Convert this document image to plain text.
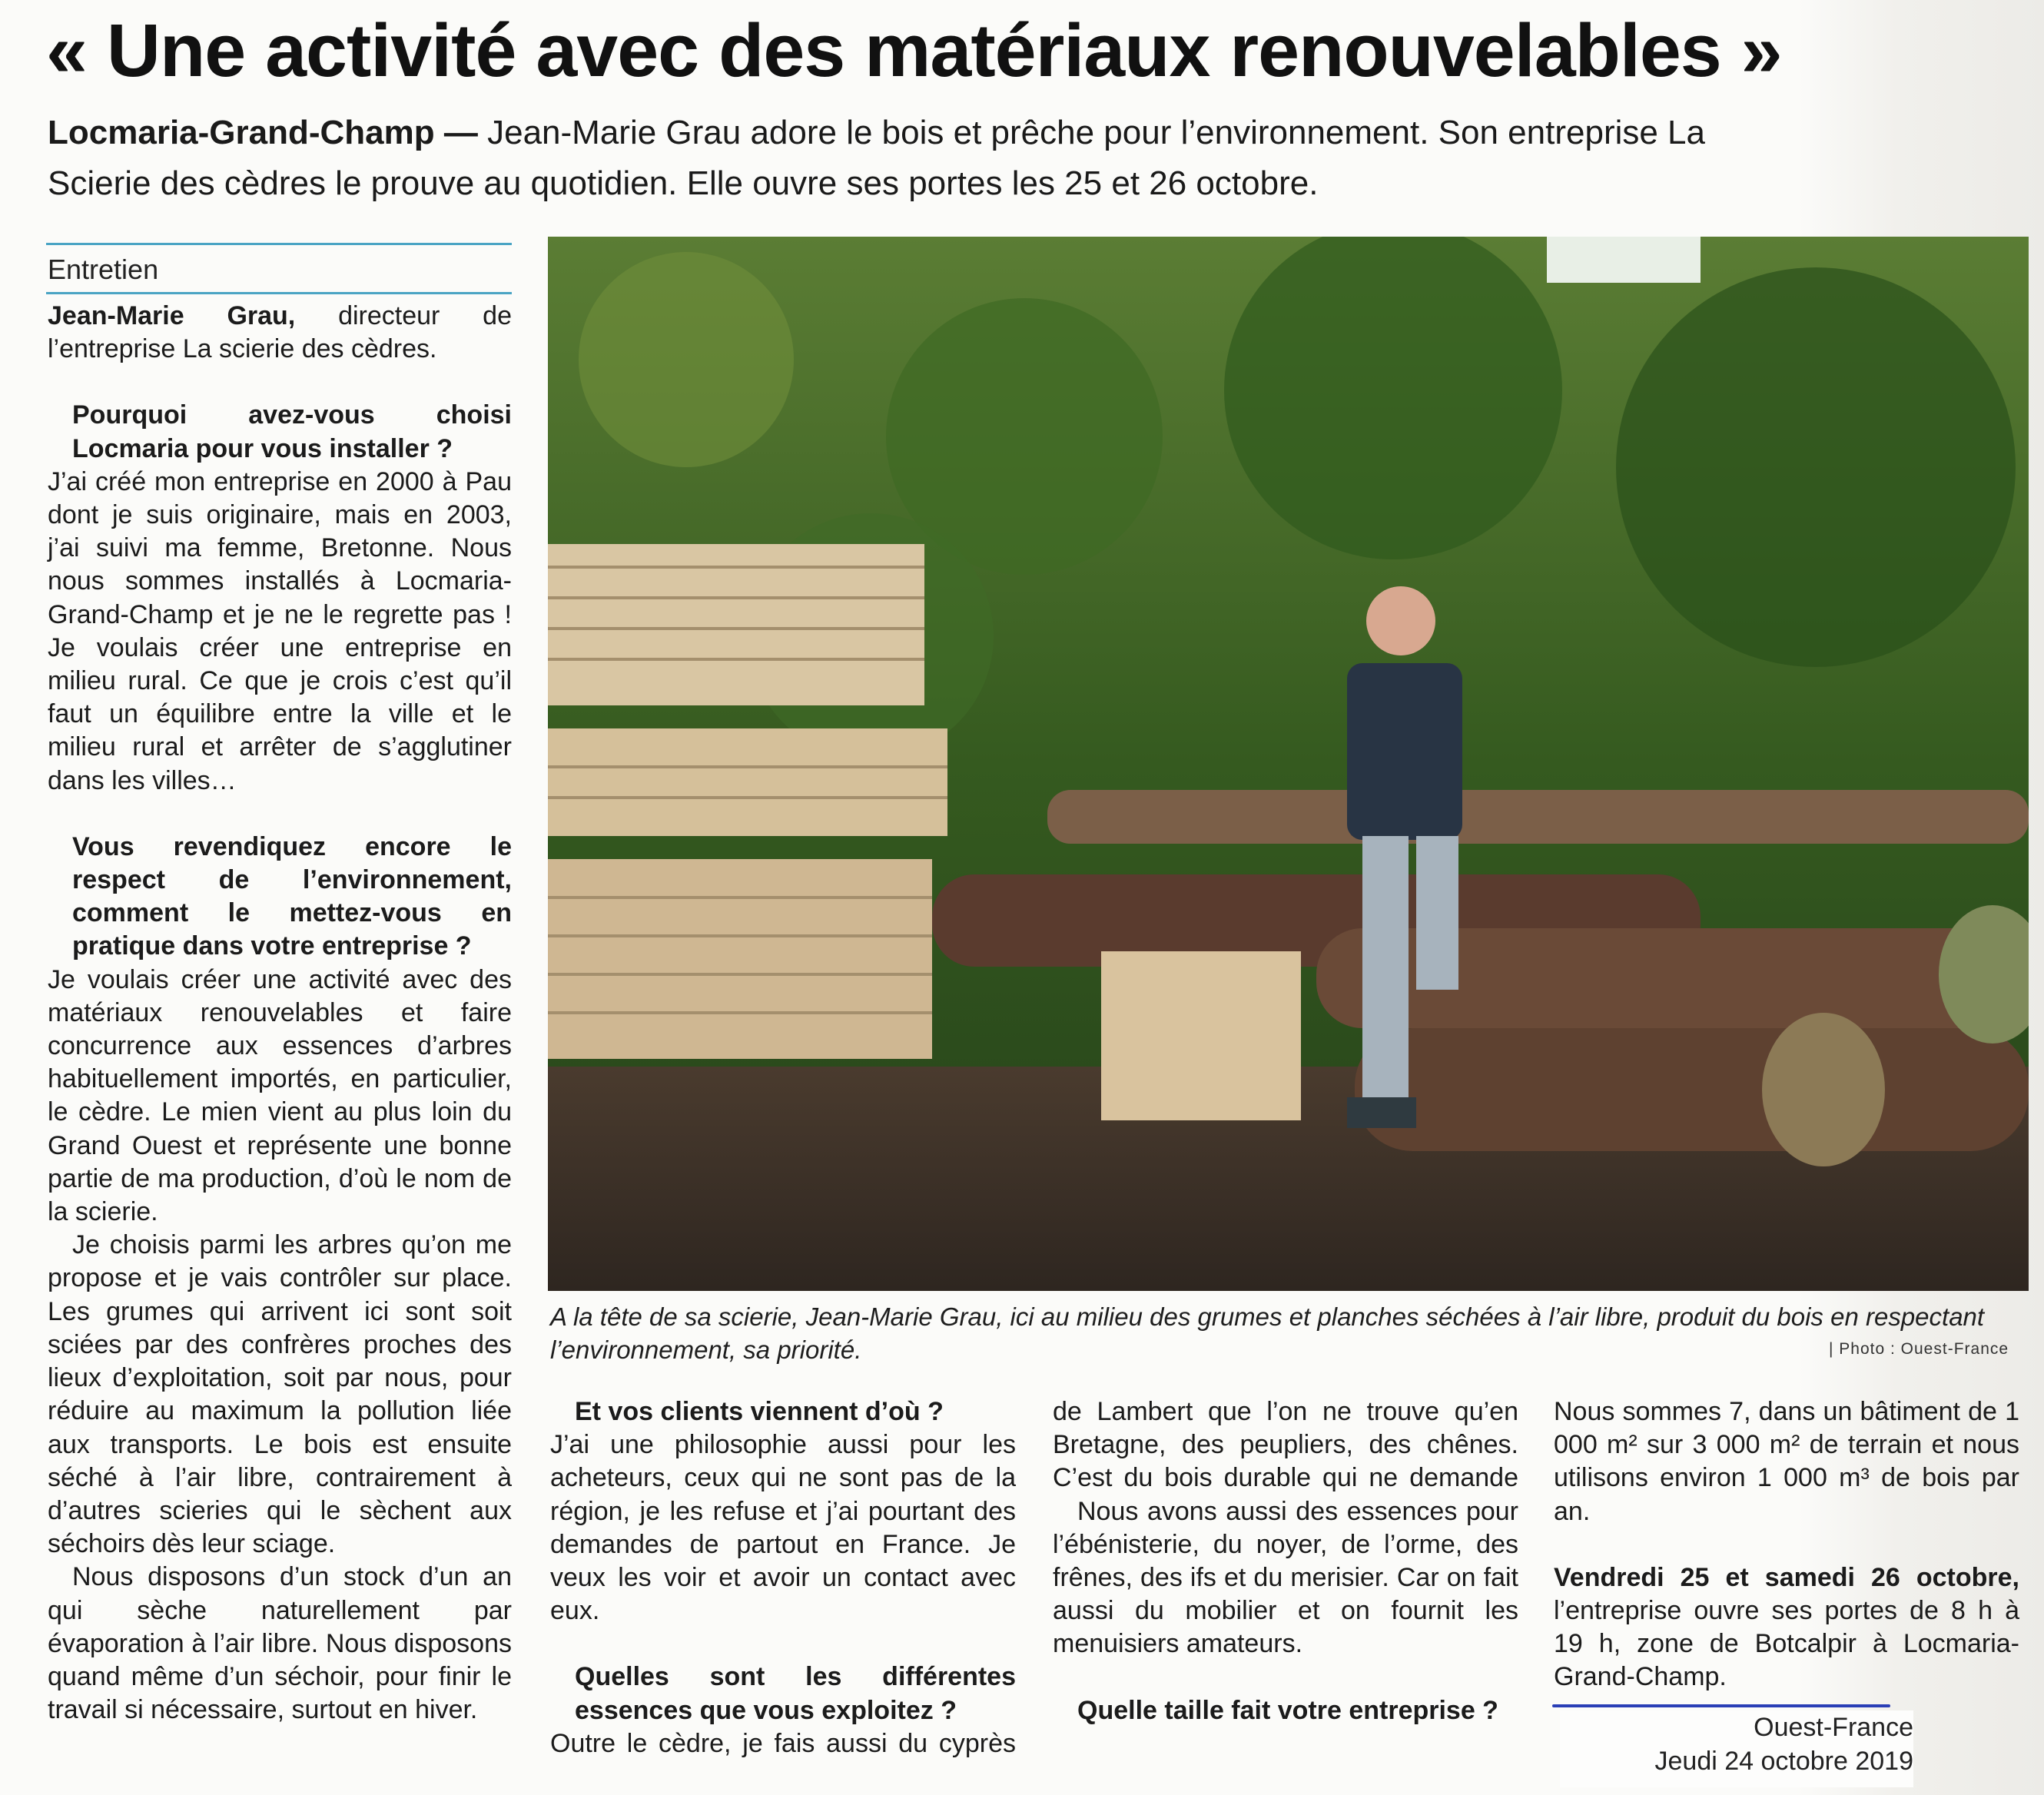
« Une activité avec des matériaux renouvelables »
Locmaria-Grand-Champ — Jean-Marie Grau adore le bois et prêche pour l’environnement. Son entreprise La Scierie des cèdres le prouve au quotidien. Elle ouvre ses portes les 25 et 26 octobre.
Entretien

Jean-Marie Grau, directeur de l’entreprise La scierie des cèdres.

Pourquoi avez-vous choisi Locmaria pour vous installer ?

J’ai créé mon entreprise en 2000 à Pau dont je suis originaire, mais en 2003, j’ai suivi ma femme, Bretonne. Nous nous sommes installés à Locmaria-Grand-Champ et je ne le regrette pas ! Je voulais créer une entreprise en milieu rural. Ce que je crois c’est qu’il faut un équilibre entre la ville et le milieu rural et arrêter de s’agglutiner dans les villes…

Vous revendiquez encore le respect de l’environnement, comment le mettez-vous en pratique dans votre entreprise ?

Je voulais créer une activité avec des matériaux renouvelables et faire concurrence aux essences d’arbres habituellement importés, en particulier, le cèdre. Le mien vient au plus loin du Grand Ouest et représente une bonne partie de ma production, d’où le nom de la scierie.

Je choisis parmi les arbres qu’on me propose et je vais contrôler sur place. Les grumes qui arrivent ici sont soit sciées par des confrères proches des lieux d’exploitation, soit par nous, pour réduire au maximum la pollution liée aux transports. Le bois est ensuite séché à l’air libre, contrairement à d’autres scieries qui le sèchent aux séchoirs dès leur sciage.

Nous disposons d’un stock d’un an qui sèche naturellement par évaporation à l’air libre. Nous disposons quand même d’un séchoir, pour finir le travail si nécessaire, surtout en hiver.

A la tête de sa scierie, Jean-Marie Grau, ici au milieu des grumes et planches séchées à l’air libre, produit du bois en respectant l’environnement, sa priorité.	| Photo : Ouest-France

Et vos clients viennent d’où ?

J’ai une philosophie aussi pour les acheteurs, ceux qui ne sont pas de la région, je les refuse et j’ai pourtant des demandes de partout en France. Je veux les voir et avoir un contact avec eux.

Quelles sont les différentes essences que vous exploitez ?

Outre le cèdre, je fais aussi du cyprès

de Lambert que l’on ne trouve qu’en Bretagne, des peupliers, des chênes. C’est du bois durable qui ne demande

Nous avons aussi des essences pour l’ébénisterie, du noyer, de l’orme, des frênes, des ifs et du merisier. Car on fait aussi du mobilier et on fournit les menuisiers amateurs.

Quelle taille fait votre entreprise ?

Nous sommes 7, dans un bâtiment de 1 000 m² sur 3 000 m² de terrain et nous utilisons environ 1 000 m³ de bois par an.

Vendredi 25 et samedi 26 octobre, l’entreprise ouvre ses portes de 8 h à 19 h, zone de Botcalpir à Locmaria-Grand-Champ.

Ouest-France
Jeudi 24 octobre 2019
